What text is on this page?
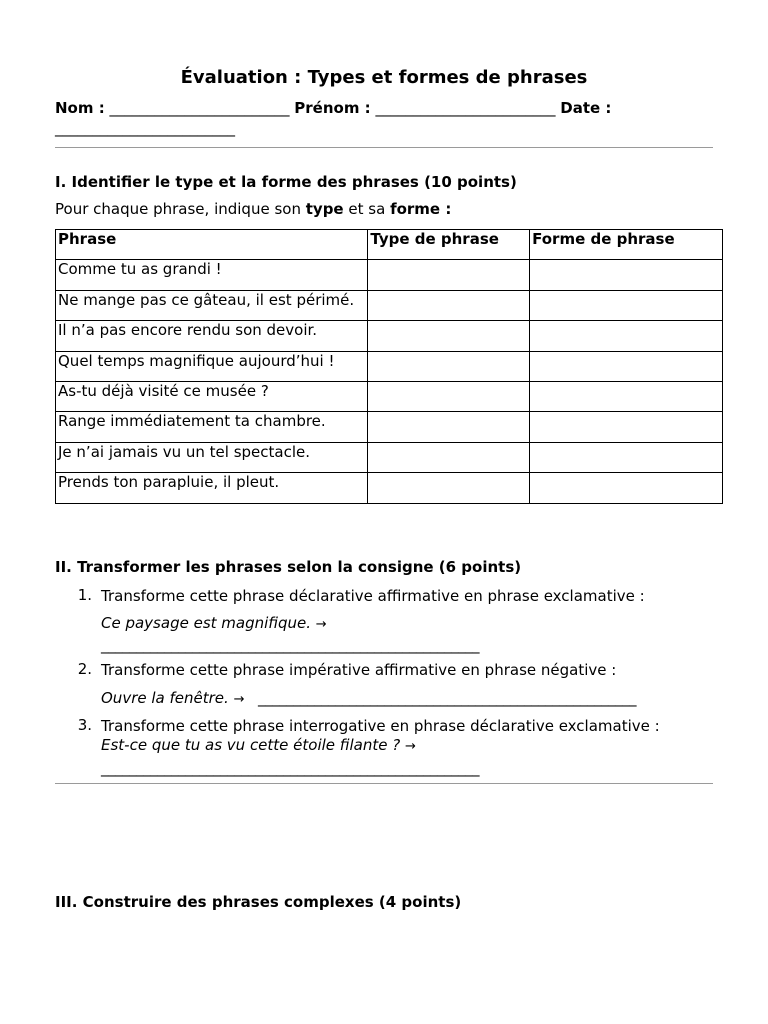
Évaluation : Types et formes de phrases
Nom : ________________________ Prénom : ________________________ Date : ________________________
I. Identifier le type et la forme des phrases (10 points)

Pour chaque phrase, indique son type et sa forme :

Phrase	Type de phrase	Forme de phrase
Comme tu as grandi !		
Ne mange pas ce gâteau, il est périmé.		
Il n’a pas encore rendu son devoir.		
Quel temps magnifique aujourd’hui !		
As-tu déjà visité ce musée ?		
Range immédiatement ta chambre.		
Je n’ai jamais vu un tel spectacle.		
Prends ton parapluie, il pleut.		
II. Transformer les phrases selon la consigne (6 points)
1. Transforme cette phrase déclarative affirmative en phrase exclamative :
Ce paysage est magnifique. →
______________________________________________________
2. Transforme cette phrase impérative affirmative en phrase négative :
Ouvre la fenêtre. → ______________________________________________________
3. Transforme cette phrase interrogative en phrase déclarative exclamative :
Est-ce que tu as vu cette étoile filante ? →
______________________________________________________
III. Construire des phrases complexes (4 points)
